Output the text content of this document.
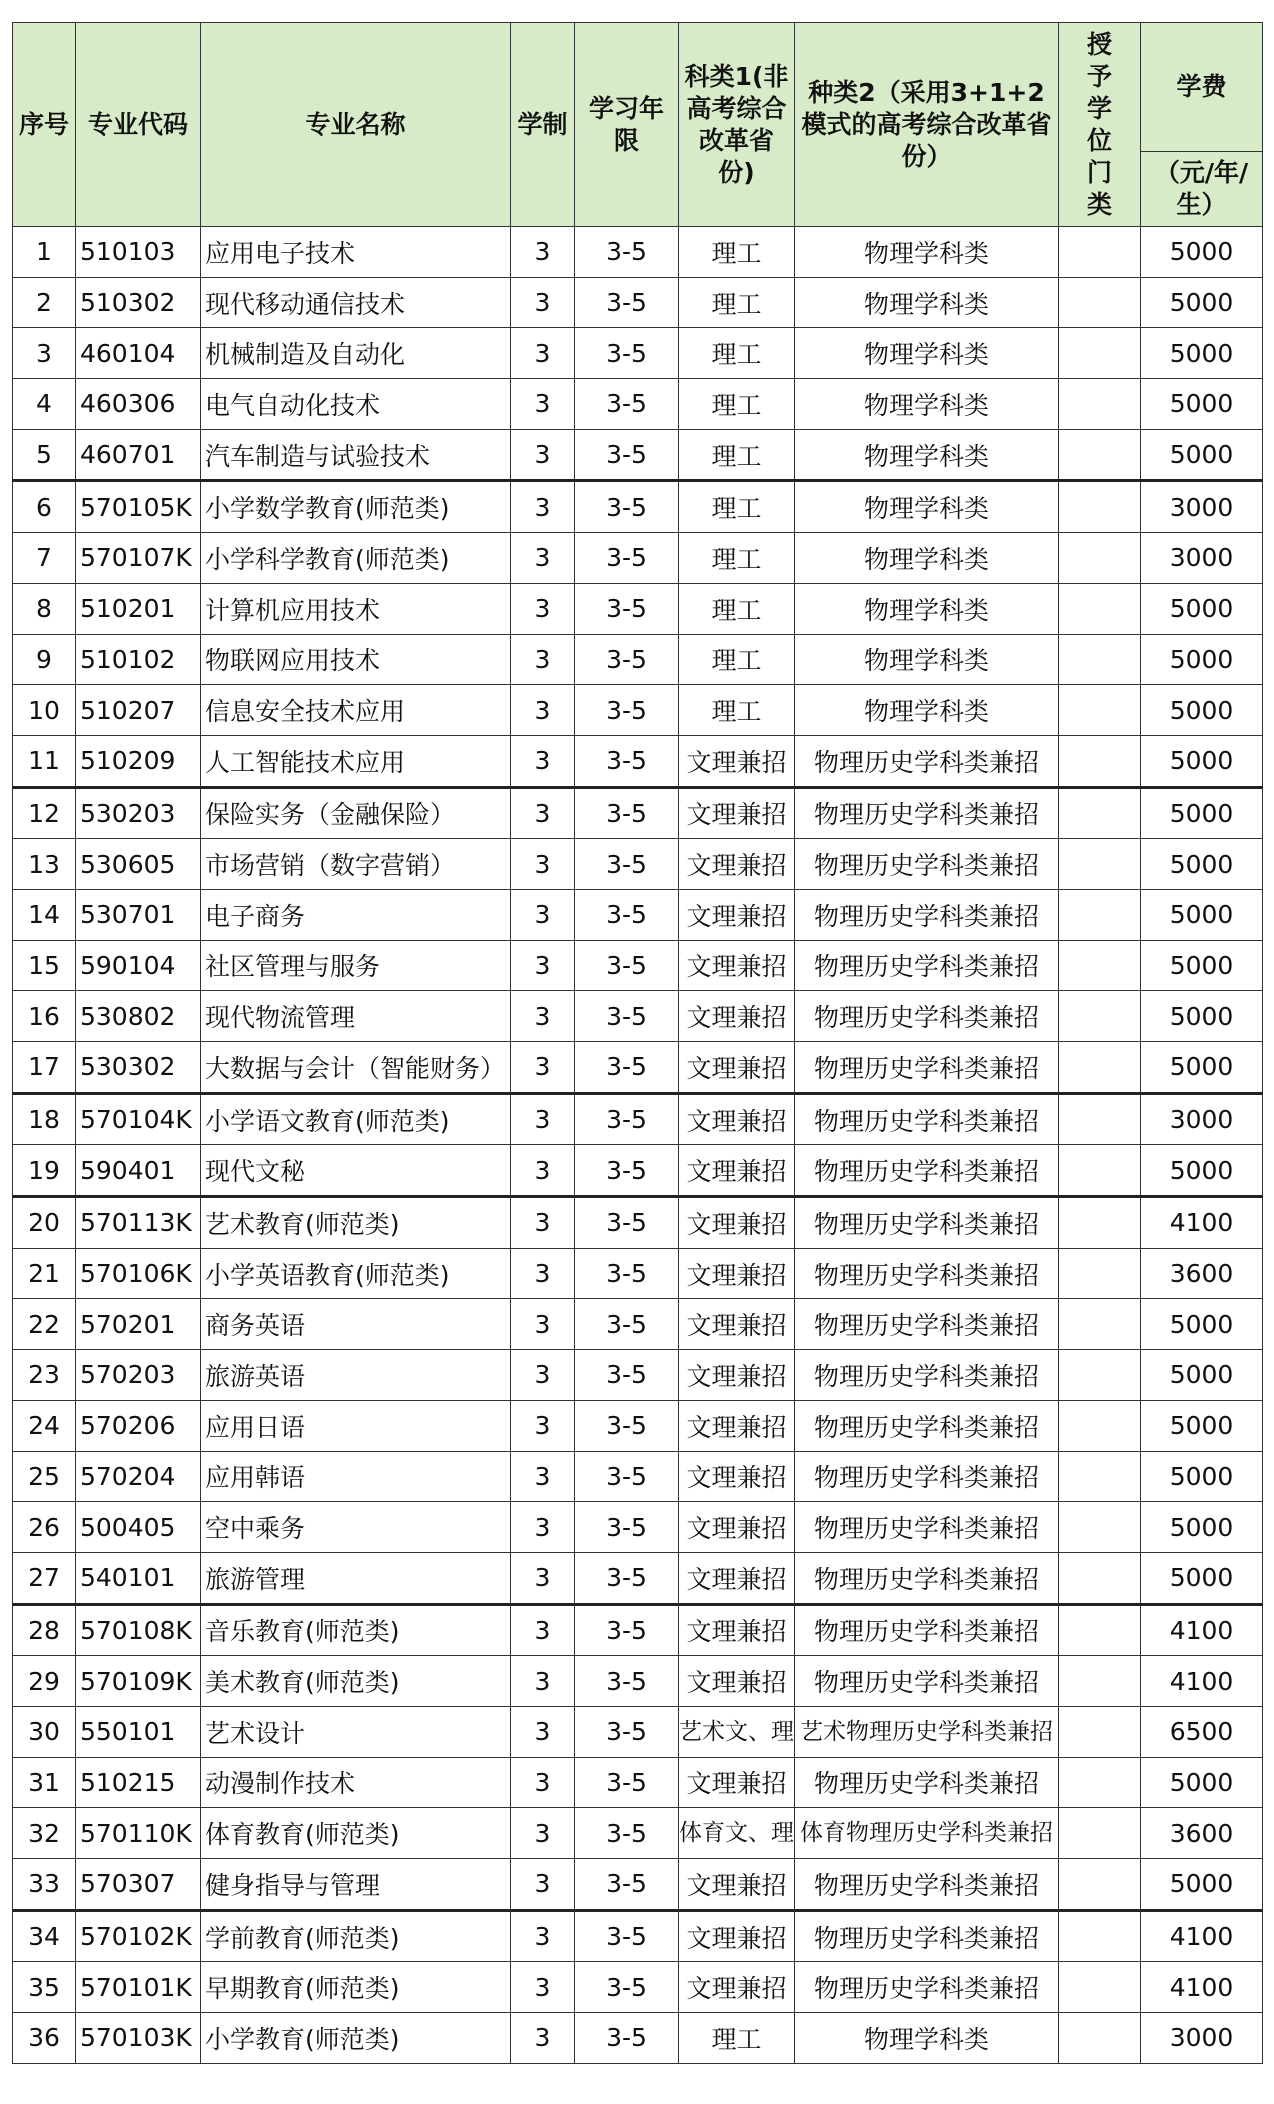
序号	专业代码	专业名称	学制	学习年限	科类1(非高考综合改革省份)	种类2（采用3+1+2模式的高考综合改革省份）	授予学位门类	学费
								（元/年/生）
1	510103	应用电子技术	3	3-5	理工	物理学科类		5000
2	510302	现代移动通信技术	3	3-5	理工	物理学科类		5000
3	460104	机械制造及自动化	3	3-5	理工	物理学科类		5000
4	460306	电气自动化技术	3	3-5	理工	物理学科类		5000
5	460701	汽车制造与试验技术	3	3-5	理工	物理学科类		5000
6	570105K	小学数学教育(师范类)	3	3-5	理工	物理学科类		3000
7	570107K	小学科学教育(师范类)	3	3-5	理工	物理学科类		3000
8	510201	计算机应用技术	3	3-5	理工	物理学科类		5000
9	510102	物联网应用技术	3	3-5	理工	物理学科类		5000
10	510207	信息安全技术应用	3	3-5	理工	物理学科类		5000
11	510209	人工智能技术应用	3	3-5	文理兼招	物理历史学科类兼招		5000
12	530203	保险实务（金融保险）	3	3-5	文理兼招	物理历史学科类兼招		5000
13	530605	市场营销（数字营销）	3	3-5	文理兼招	物理历史学科类兼招		5000
14	530701	电子商务	3	3-5	文理兼招	物理历史学科类兼招		5000
15	590104	社区管理与服务	3	3-5	文理兼招	物理历史学科类兼招		5000
16	530802	现代物流管理	3	3-5	文理兼招	物理历史学科类兼招		5000
17	530302	大数据与会计（智能财务）	3	3-5	文理兼招	物理历史学科类兼招		5000
18	570104K	小学语文教育(师范类)	3	3-5	文理兼招	物理历史学科类兼招		3000
19	590401	现代文秘	3	3-5	文理兼招	物理历史学科类兼招		5000
20	570113K	艺术教育(师范类)	3	3-5	文理兼招	物理历史学科类兼招		4100
21	570106K	小学英语教育(师范类)	3	3-5	文理兼招	物理历史学科类兼招		3600
22	570201	商务英语	3	3-5	文理兼招	物理历史学科类兼招		5000
23	570203	旅游英语	3	3-5	文理兼招	物理历史学科类兼招		5000
24	570206	应用日语	3	3-5	文理兼招	物理历史学科类兼招		5000
25	570204	应用韩语	3	3-5	文理兼招	物理历史学科类兼招		5000
26	500405	空中乘务	3	3-5	文理兼招	物理历史学科类兼招		5000
27	540101	旅游管理	3	3-5	文理兼招	物理历史学科类兼招		5000
28	570108K	音乐教育(师范类)	3	3-5	文理兼招	物理历史学科类兼招		4100
29	570109K	美术教育(师范类)	3	3-5	文理兼招	物理历史学科类兼招		4100
30	550101	艺术设计	3	3-5	艺术文、理	艺术物理历史学科类兼招		6500
31	510215	动漫制作技术	3	3-5	文理兼招	物理历史学科类兼招		5000
32	570110K	体育教育(师范类)	3	3-5	体育文、理	体育物理历史学科类兼招		3600
33	570307	健身指导与管理	3	3-5	文理兼招	物理历史学科类兼招		5000
34	570102K	学前教育(师范类)	3	3-5	文理兼招	物理历史学科类兼招		4100
35	570101K	早期教育(师范类)	3	3-5	文理兼招	物理历史学科类兼招		4100
36	570103K	小学教育(师范类)	3	3-5	理工	物理学科类		3000
